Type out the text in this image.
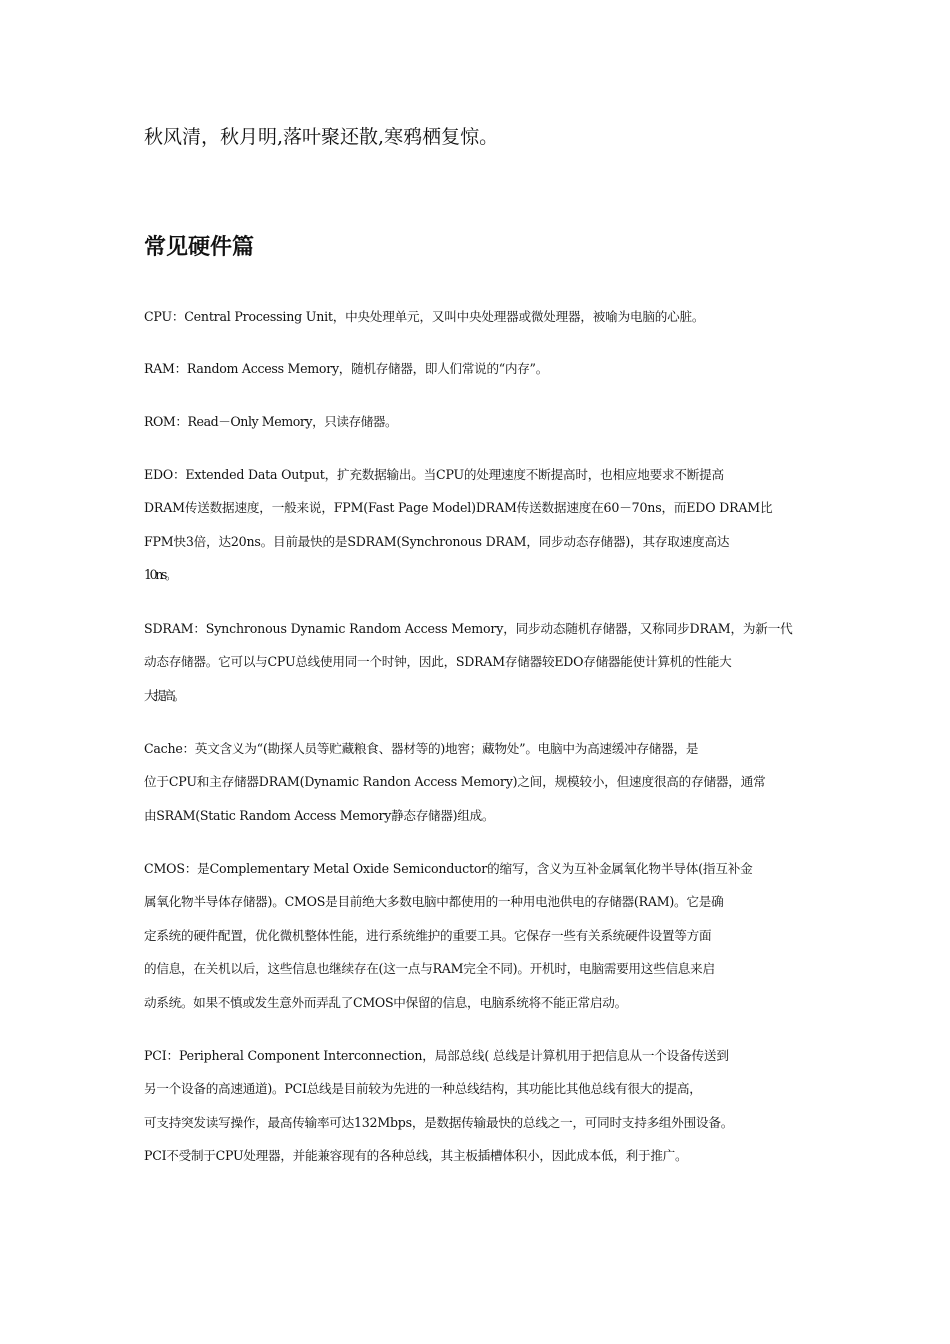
秋风清，秋月明,落叶聚还散,寒鸦栖复惊。

常见硬件篇

CPU：Central Processing Unit，中央处理单元，又叫中央处理器或微处理器，被喻为电脑的心脏。

RAM：Random Access Memory，随机存储器，即人们常说的“内存”。

ROM：Read－Only Memory，只读存储器。

EDO：Extended Data Output，扩充数据输出。当CPU的处理速度不断提高时，也相应地要求不断提高
DRAM传送数据速度，一般来说，FPM(Fast Page Model)DRAM传送数据速度在60－70ns，而EDO DRAM比
FPM快3倍，达20ns。目前最快的是SDRAM(Synchronous DRAM，同步动态存储器)，其存取速度高达
10ns。

SDRAM：Synchronous Dynamic Random Access Memory，同步动态随机存储器，又称同步DRAM，为新一代
动态存储器。它可以与CPU总线使用同一个时钟，因此，SDRAM存储器较EDO存储器能使计算机的性能大
大提高。

Cache：英文含义为“(勘探人员等贮藏粮食、器材等的)地窖；藏物处”。电脑中为高速缓冲存储器，是
位于CPU和主存储器DRAM(Dynamic Randon Access Memory)之间，规模较小，但速度很高的存储器，通常
由SRAM(Static Random Access Memory静态存储器)组成。

CMOS：是Complementary Metal Oxide Semiconductor的缩写，含义为互补金属氧化物半导体(指互补金
属氧化物半导体存储器)。CMOS是目前绝大多数电脑中都使用的一种用电池供电的存储器(RAM)。它是确
定系统的硬件配置，优化微机整体性能，进行系统维护的重要工具。它保存一些有关系统硬件设置等方面
的信息，在关机以后，这些信息也继续存在(这一点与RAM完全不同)。开机时，电脑需要用这些信息来启
动系统。如果不慎或发生意外而弄乱了CMOS中保留的信息，电脑系统将不能正常启动。

PCI：Peripheral Component Interconnection，局部总线( 总线是计算机用于把信息从一个设备传送到
另一个设备的高速通道)。PCI总线是目前较为先进的一种总线结构，其功能比其他总线有很大的提高，
可支持突发读写操作，最高传输率可达132Mbps，是数据传输最快的总线之一，可同时支持多组外围设备。
PCI不受制于CPU处理器，并能兼容现有的各种总线，其主板插槽体积小，因此成本低，利于推广。
